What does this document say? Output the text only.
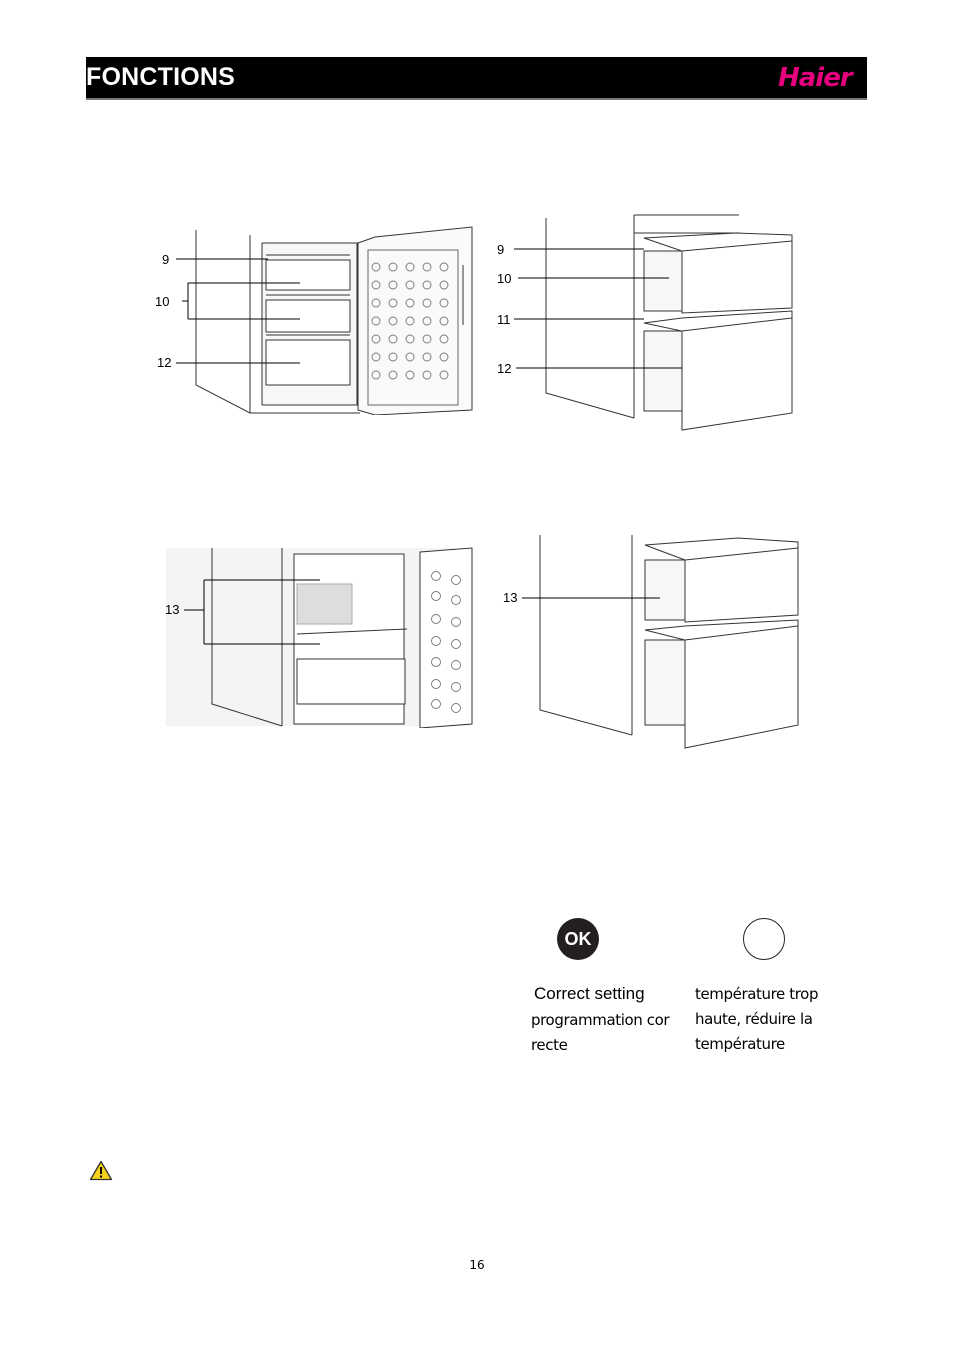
FONCTIONS	Haier
9
10
12
9
10
11
12
13
13
OK
Correct setting
programmation cor
recte
température trop
haute, réduire la
température
16
